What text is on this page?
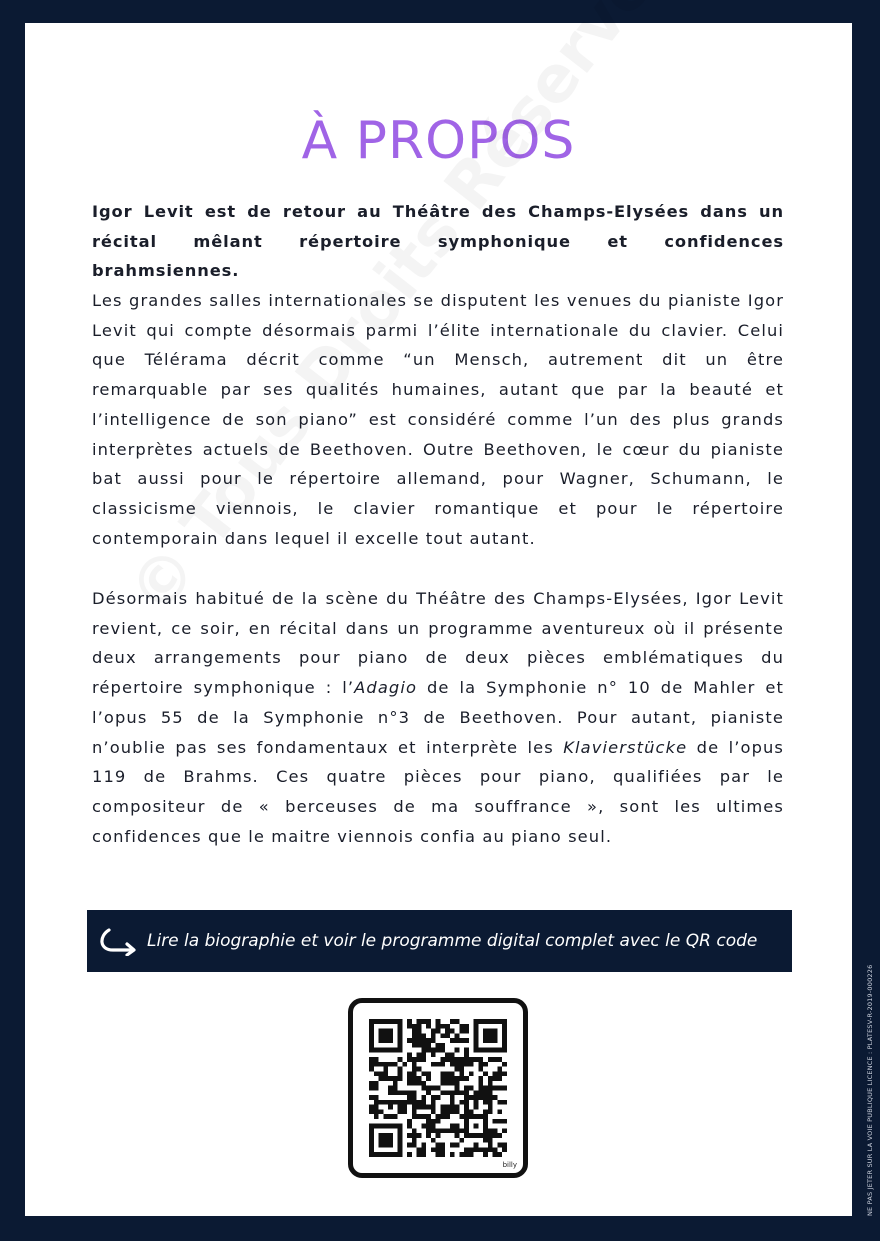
À PROPOS

Igor Levit est de retour au Théâtre des Champs-Elysées dans un récital mêlant répertoire symphonique et confidences brahmsiennes.

Les grandes salles internationales se disputent les venues du pianiste Igor Levit qui compte désormais parmi l’élite internationale du clavier. Celui que Télérama décrit comme “un Mensch, autrement dit un être remarquable par ses qualités humaines, autant que par la beauté et l’intelligence de son piano” est considéré comme l’un des plus grands interprètes actuels de Beethoven. Outre Beethoven, le cœur du pianiste bat aussi pour le répertoire allemand, pour Wagner, Schumann, le classicisme viennois, le clavier romantique et pour le répertoire contemporain dans lequel il excelle tout autant.

Désormais habitué de la scène du Théâtre des Champs-Elysées, Igor Levit revient, ce soir, en récital dans un programme aventureux où il présente deux arrangements pour piano de deux pièces emblématiques du répertoire symphonique : l’Adagio de la Symphonie n° 10 de Mahler et l’opus 55 de la Symphonie n°3 de Beethoven. Pour autant, pianiste n’oublie pas ses fondamentaux et interprète les Klavierstücke de l’opus 119 de Brahms. Ces quatre pièces pour piano, qualifiées par le compositeur de « berceuses de ma souffrance », sont les ultimes confidences que le maitre viennois confia au piano seul.

Lire la biographie et voir le programme digital complet avec le QR code
billy	NE PAS JETER SUR LA VOIE PUBLIQUE LICENCE : PLATESV-R-2019-000226
